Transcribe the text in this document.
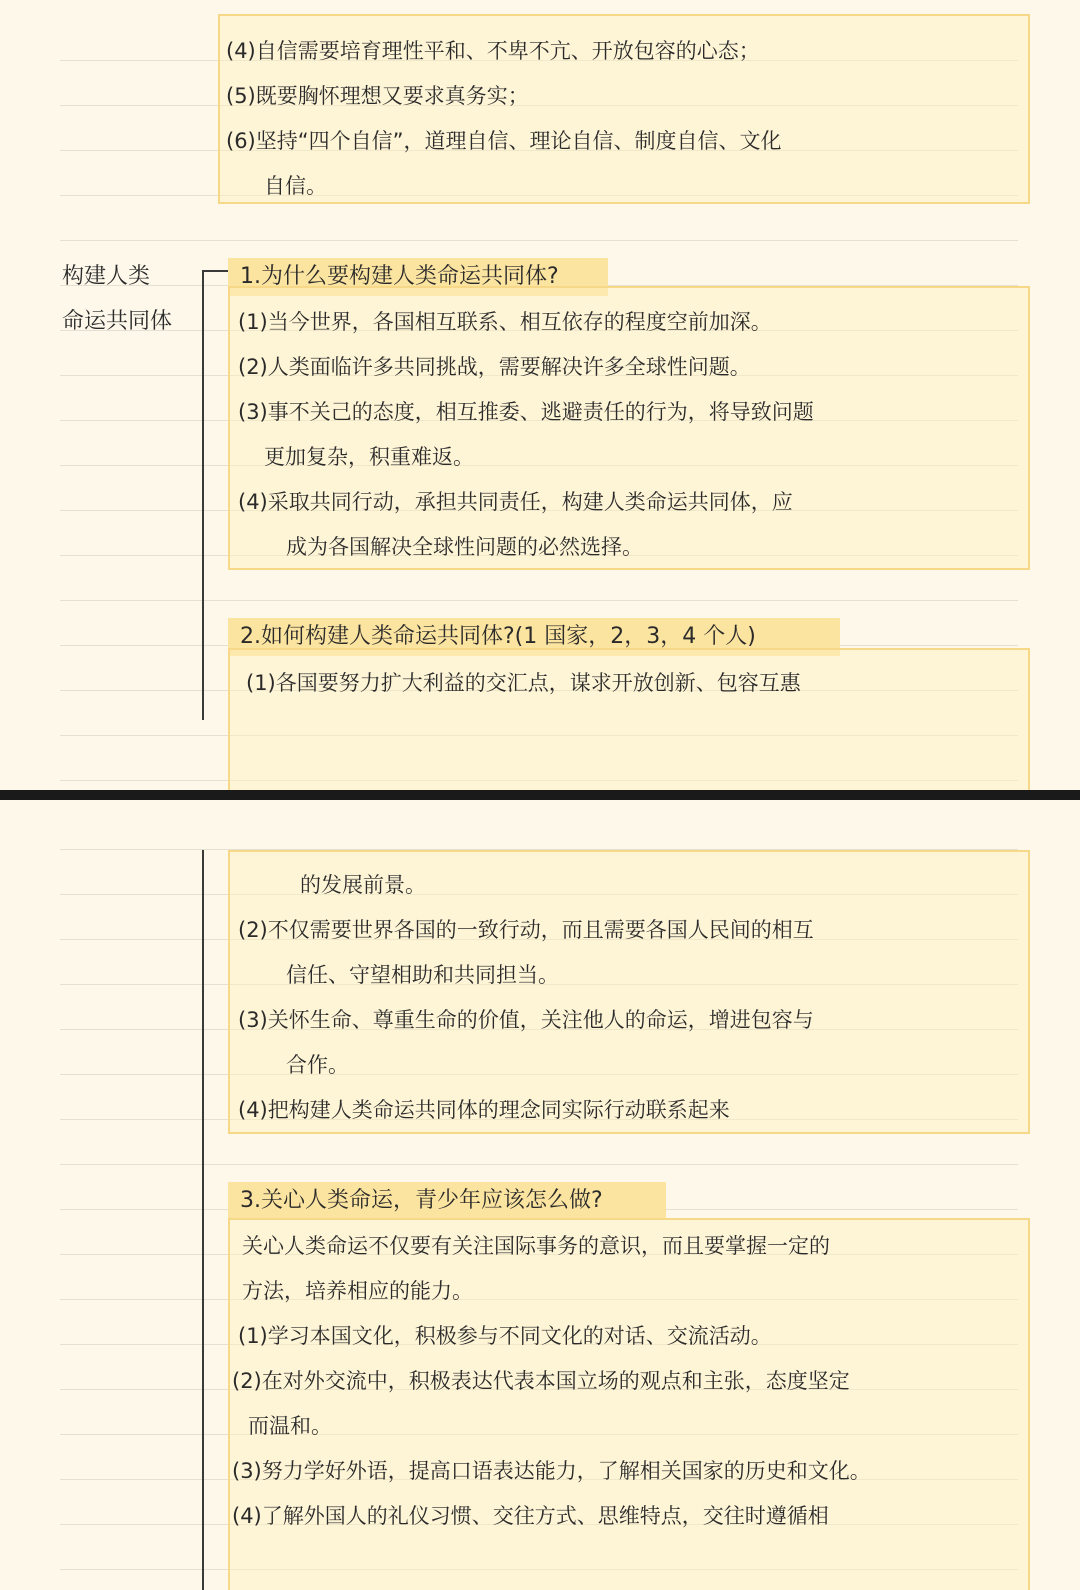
(4)自信需要培育理性平和、不卑不亢、开放包容的心态；
(5)既要胸怀理想又要求真务实；
(6)坚持“四个自信”，道理自信、理论自信、制度自信、文化
自信。
构建人类
命运共同体
1.为什么要构建人类命运共同体?
(1)当今世界，各国相互联系、相互依存的程度空前加深。
(2)人类面临许多共同挑战，需要解决许多全球性问题。
(3)事不关己的态度，相互推委、逃避责任的行为，将导致问题
更加复杂，积重难返。
(4)采取共同行动，承担共同责任，构建人类命运共同体，应
成为各国解决全球性问题的必然选择。
2.如何构建人类命运共同体?(1 国家，2，3，4 个人)
(1)各国要努力扩大利益的交汇点，谋求开放创新、包容互惠
的发展前景。
(2)不仅需要世界各国的一致行动，而且需要各国人民间的相互
信任、守望相助和共同担当。
(3)关怀生命、尊重生命的价值，关注他人的命运，增进包容与
合作。
(4)把构建人类命运共同体的理念同实际行动联系起来
3.关心人类命运，青少年应该怎么做?
关心人类命运不仅要有关注国际事务的意识，而且要掌握一定的
方法，培养相应的能力。
(1)学习本国文化，积极参与不同文化的对话、交流活动。
(2)在对外交流中，积极表达代表本国立场的观点和主张，态度坚定
而温和。
(3)努力学好外语，提高口语表达能力，了解相关国家的历史和文化。
(4)了解外国人的礼仪习惯、交往方式、思维特点，交往时遵循相
